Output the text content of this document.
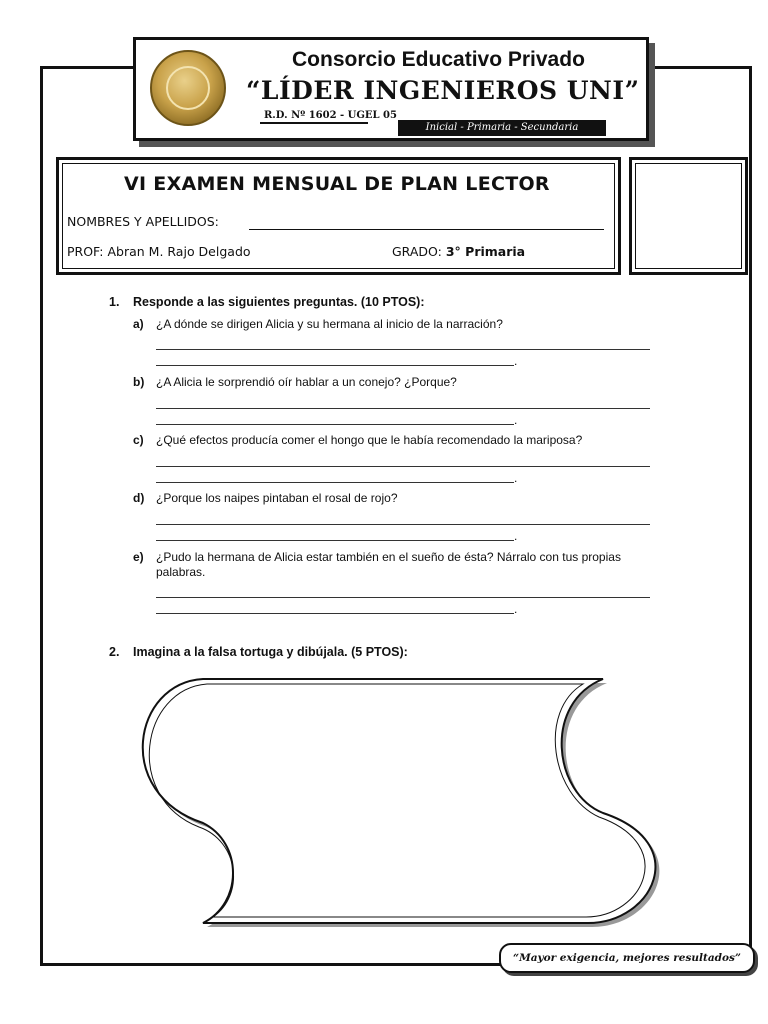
Consorcio Educativo Privado
“LÍDER INGENIEROS UNI”
R.D. Nº 1602 - UGEL 05
Inicial - Primaria - Secundaria
VI EXAMEN MENSUAL DE PLAN LECTOR
NOMBRES Y APELLIDOS:
PROF: Abran M. Rajo Delgado	GRADO: 3° Primaria
1. Responde a las siguientes preguntas. (10 PTOS):
a) ¿A dónde se dirigen Alicia y su hermana al inicio de la narración?
.
b) ¿A Alicia le sorprendió oír hablar a un conejo? ¿Porque?
.
c) ¿Qué efectos producía comer el hongo que le había recomendado la mariposa?
.
d) ¿Porque los naipes pintaban el rosal de rojo?
.
e) ¿Pudo la hermana de Alicia estar también en el sueño de ésta? Nárralo con tus propias palabras.
.
2. Imagina a la falsa tortuga y dibújala. (5 PTOS):
“Mayor exigencia, mejores resultados”
